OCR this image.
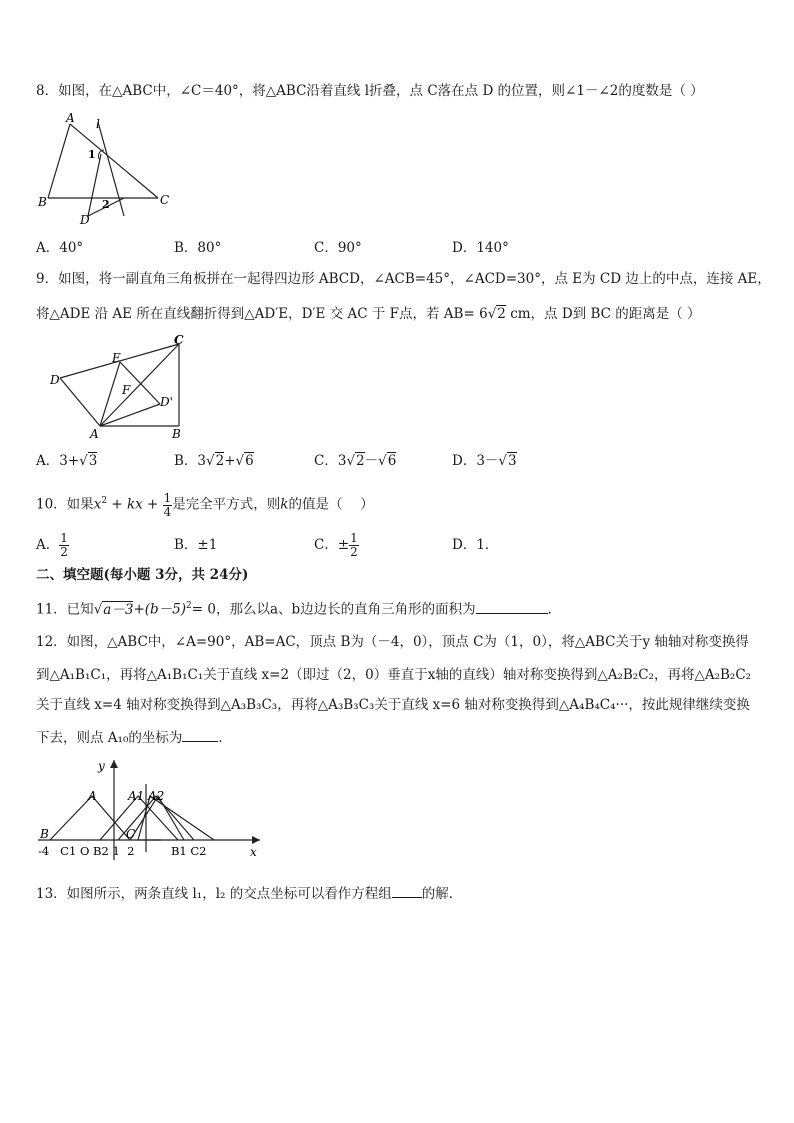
8．如图，在△ABC中，∠C＝40°，将△ABC沿着直线 l折叠，点 C落在点 D 的位置，则∠1－∠2的度数是（ ）
A l
1
B	2
D
C
A．40°	B．80°	C．90°	D．140°
9．如图，将一副直角三角板拼在一起得四边形 ABCD，∠ACB=45°，∠ACD=30°，点 E为 CD 边上的中点，连接 AE，
将△ADE 沿 AE 所在直线翻折得到△AD′E，D′E 交 AC 于 F点，若 AB= 6√2 cm，点 D到 BC 的距离是（ ）
C
E
D
F
D'
A	B
A．3+√3	B．3√2+√6	C．3√2－√6	D．3－√3
10．如果$x^2$ + kx + $\frac{1}{4}$ 是完全平方式，则k的值是（　 ）
A． $\frac{1}{2}$	B．±1	C．± $\frac{1}{2}$	D．1．
二、填空题(每小题 3分，共 24分)
11．已知$√a-3+(b-5)^2= 0$，那么以a、b边边长的直角三角形的面积为	．
12．如图，△ABC中，∠A=90°，AB=AC，顶点 B为（－4，0），顶点 C为（1，0），将△ABC关于y 轴轴对称变换得
到△A₁B₁C₁，再将△A₁B₁C₁关于直线 x=2（即过（2，0）垂直于x轴的直线）轴对称变换得到△A₂B₂C₂，再将△A₂B₂C₂
关于直线 x=4 轴对称变换得到△A₃B₃C₃，再将△A₃B₃C₃关于直线 x=6 轴对称变换得到△A₄B₄C₄···，按此规律继续变换
下去，则点 A₁₀的坐标为	．
y
x
A	A1 A2
B	C
-4   C1 O B2 1  2          B1 C2
13．如图所示，两条直线 l₁，l₂ 的交点坐标可以看作方程组 的解．
